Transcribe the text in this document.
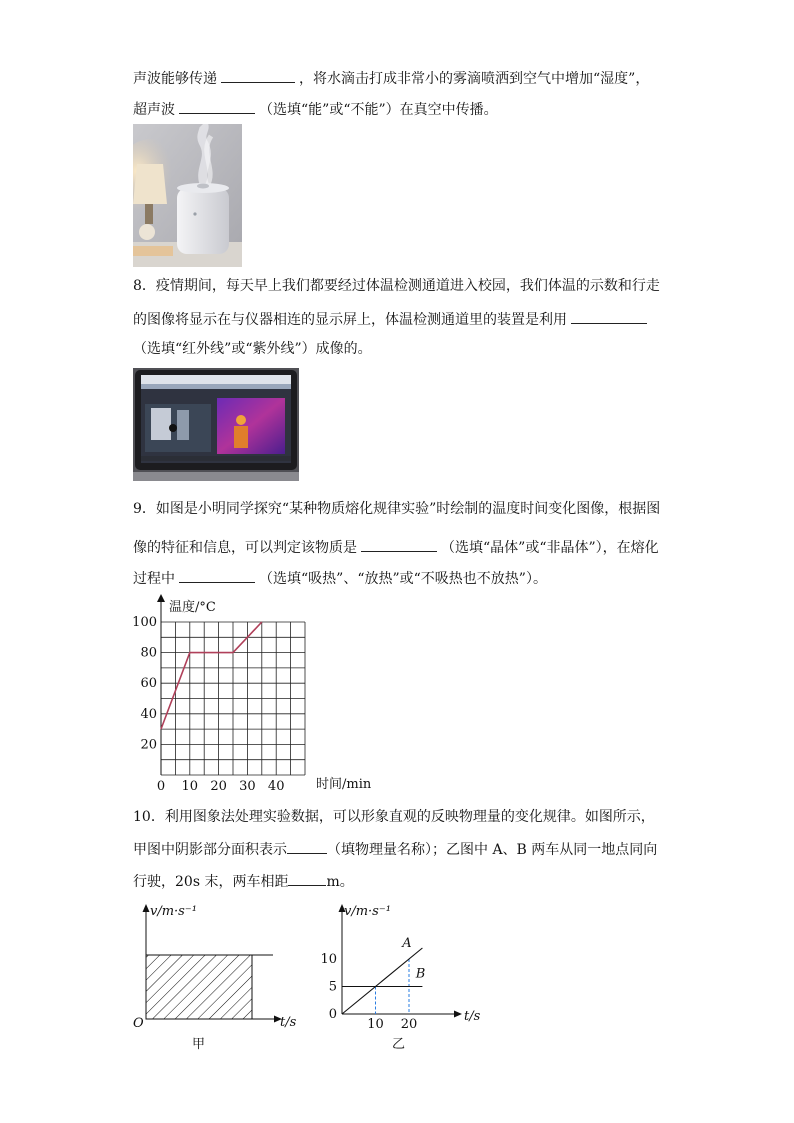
声波能够传递	，将水滴击打成非常小的雾滴喷洒到空气中增加“湿度”，
超声波	（选填“能”或“不能”）在真空中传播。
8．疫情期间，每天早上我们都要经过体温检测通道进入校园，我们体温的示数和行走
的图像将显示在与仪器相连的显示屏上，体温检测通道里的装置是利用
（选填“红外线”或“紫外线”）成像的。
9．如图是小明同学探究“某种物质熔化规律实验”时绘制的温度时间变化图像，根据图
像的特征和信息，可以判定该物质是	（选填“晶体”或“非晶体”），在熔化
过程中	（选填“吸热”、“放热”或“不吸热也不放热”）。
温度/°C
20
40
60
80
100
0 10 20 30 40 时间/min
10．利用图象法处理实验数据，可以形象直观的反映物理量的变化规律。如图所示，
甲图中阴影部分面积表示	（填物理量名称）；乙图中 A、B 两车从同一地点同向
行驶，20s 末，两车相距	m。
v/m·s⁻¹
t/s
O
甲
v/m·s⁻¹
t/s
10 20
0
5
10
A
B
乙
